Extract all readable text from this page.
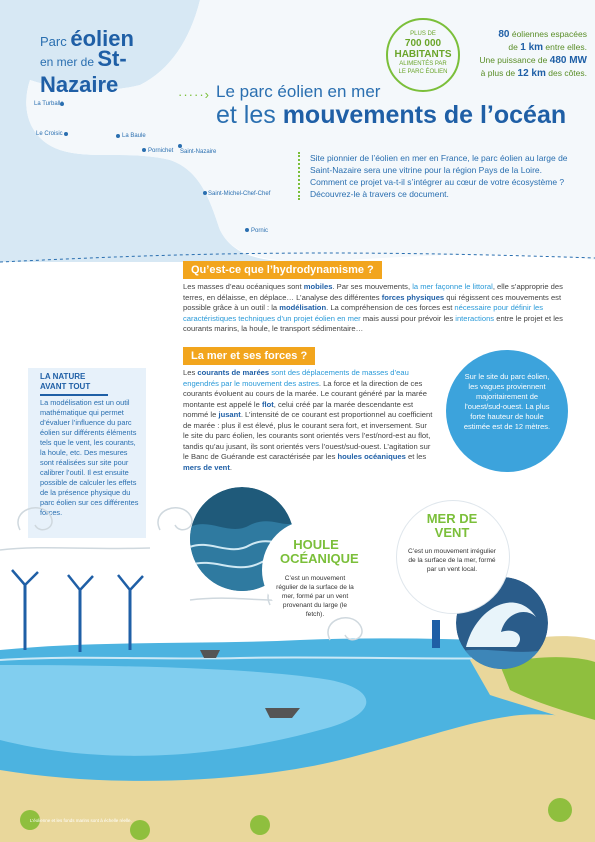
La Turballe
Le Croisic	La Baule
Pornichet Saint-Nazaire
Saint-Michel-Chef-Chef
Pornic
Parc éolien
en mer de St-Nazaire
PLUS DE
700 000
HABITANTS
ALIMENTÉS PAR LE PARC ÉOLIEN
80 éoliennes espacées
de 1 km entre elles.
Une puissance de 480 MW
à plus de 12 km des côtes.
·····› Le parc éolien en mer
et les mouvements de l’océan
Site pionnier de l’éolien en mer en France, le parc éolien au large de Saint-Nazaire sera une vitrine pour la région Pays de la Loire. Comment ce projet va-t-il s’intégrer au cœur de votre écosystème ? Découvrez-le à travers ce document.
Qu’est-ce que l’hydrodynamisme ?
Les masses d’eau océaniques sont mobiles. Par ses mouvements, la mer façonne le littoral, elle s’approprie des terres, en délaisse, en déplace… L’analyse des différentes forces physiques qui régissent ces mouvements est possible grâce à un outil : la modélisation. La compréhension de ces forces est nécessaire pour définir les caractéristiques techniques d’un projet éolien en mer mais aussi pour prévoir les interactions entre le projet et les courants marins, la houle, le transport sédimentaire…
LA NATURE AVANT TOUT
La modélisation est un outil mathématique qui permet d’évaluer l’influence du parc éolien sur différents éléments tels que le vent, les courants, la houle, etc. Des mesures sont réalisées sur site pour calibrer l’outil. Il est ensuite possible de calculer les effets de la présence physique du parc éolien sur ces différentes forces.
La mer et ses forces ?
Les courants de marées sont des déplacements de masses d’eau engendrés par le mouvement des astres. La force et la direction de ces courants évoluent au cours de la marée. Le courant généré par la marée montante est appelé le flot, celui créé par la marée descendante est nommé le jusant. L’intensité de ce courant est proportionnel au coefficient de marée : plus il est élevé, plus le courant sera fort, et inversement. Sur le site du parc éolien, les courants sont orientés vers l’est/nord-est au flot, tandis qu’au jusant, ils sont orientés vers l’ouest/sud-ouest. L’agitation sur le Banc de Guérande est caractérisée par les houles océaniques et les mers de vent.
Sur le site du parc éolien, les vagues proviennent majoritairement de l’ouest/sud-ouest. La plus forte hauteur de houle estimée est de 12 mètres.
HOULE OCÉANIQUE
C’est un mouvement régulier de la surface de la mer, formé par un vent provenant du large (le fetch).
MER DE VENT
C’est un mouvement irrégulier de la surface de la mer, formé par un vent local.
L’éolienne et les fonds marins sont à échelle réelle.
